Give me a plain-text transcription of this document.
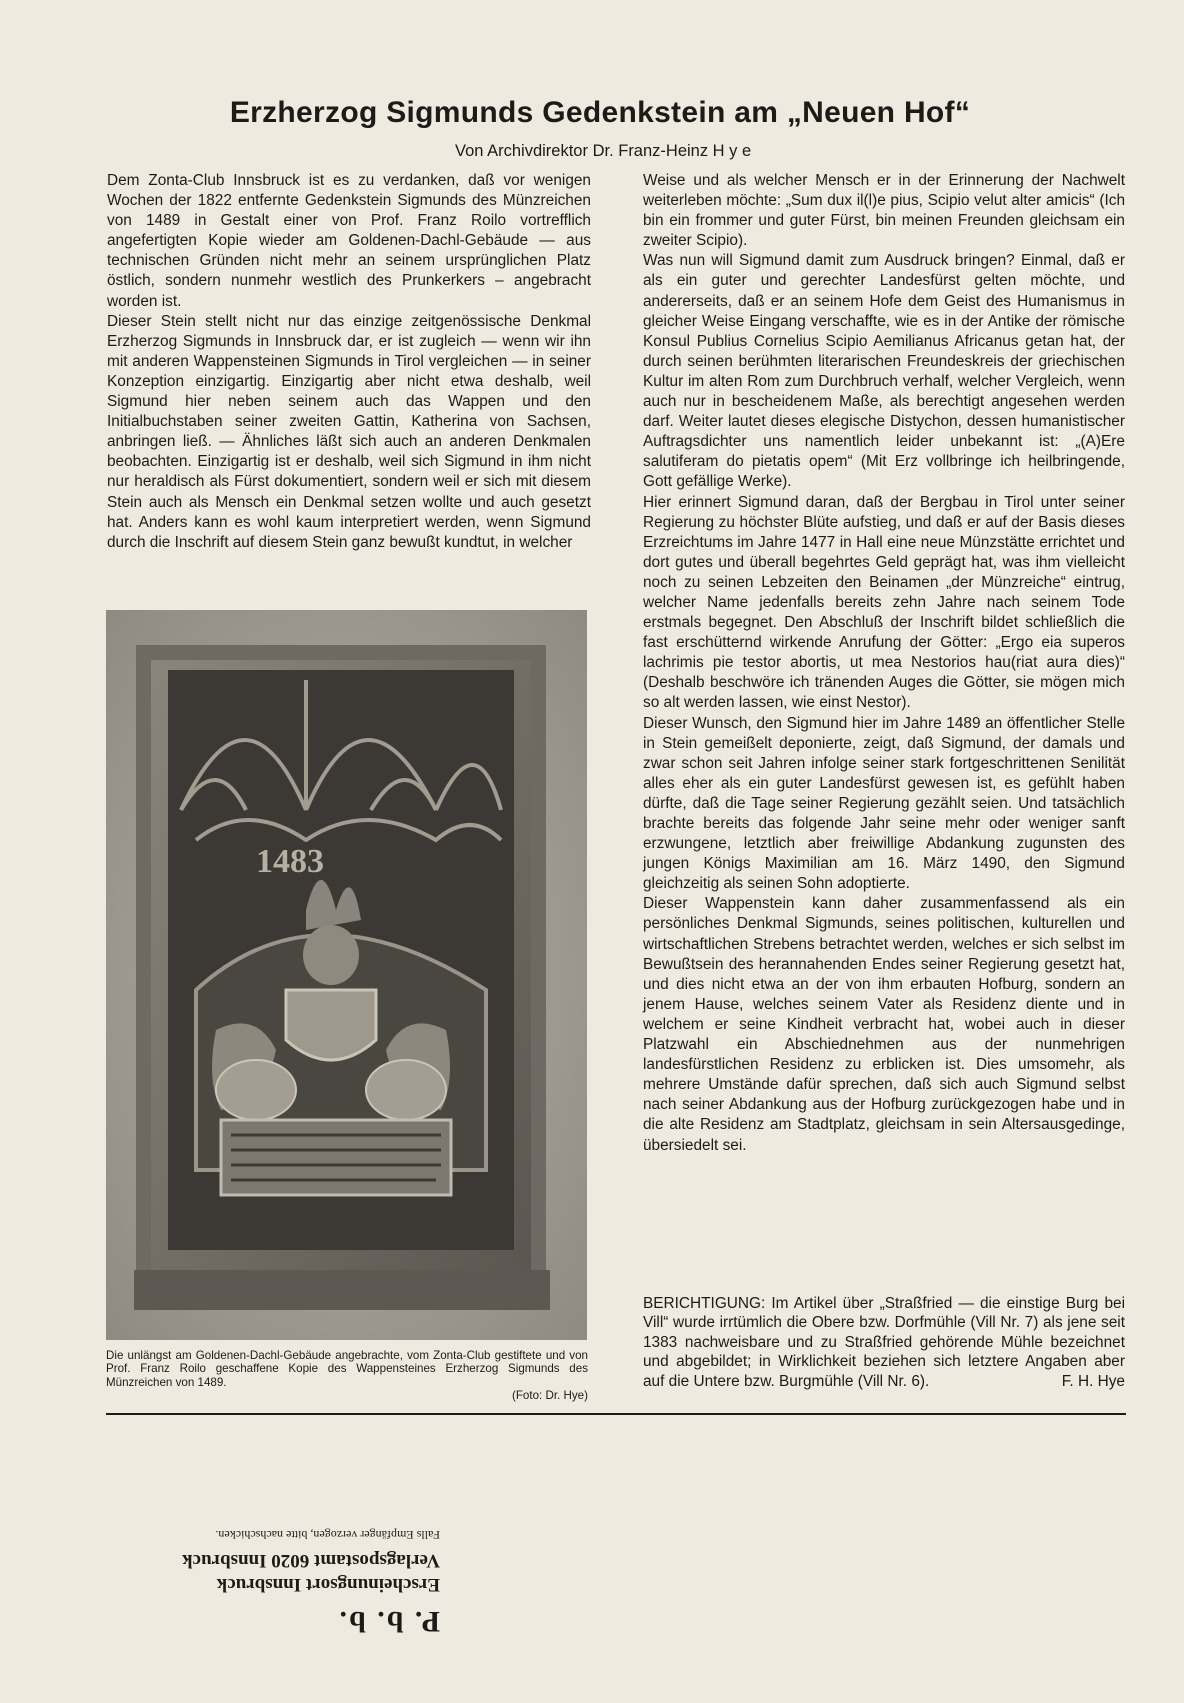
Erzherzog Sigmunds Gedenkstein am „Neuen Hof“

Von Archivdirektor Dr. Franz-Heinz H y e

Dem Zonta-Club Innsbruck ist es zu verdanken, daß vor wenigen Wochen der 1822 entfernte Gedenkstein Sigmunds des Münzreichen von 1489 in Gestalt einer von Prof. Franz Roilo vortrefflich angefertigten Kopie wieder am Goldenen-Dachl-Gebäude — aus technischen Gründen nicht mehr an seinem ursprünglichen Platz östlich, sondern nunmehr westlich des Prunkerkers – angebracht worden ist.

Dieser Stein stellt nicht nur das einzige zeitgenössische Denkmal Erzherzog Sigmunds in Innsbruck dar, er ist zugleich — wenn wir ihn mit anderen Wappensteinen Sigmunds in Tirol vergleichen — in seiner Konzeption einzigartig. Einzigartig aber nicht etwa deshalb, weil Sigmund hier neben seinem auch das Wappen und den Initialbuchstaben seiner zweiten Gattin, Katherina von Sachsen, anbringen ließ. — Ähnliches läßt sich auch an anderen Denkmalen beobachten. Einzigartig ist er deshalb, weil sich Sigmund in ihm nicht nur heraldisch als Fürst dokumentiert, sondern weil er sich mit diesem Stein auch als Mensch ein Denkmal setzen wollte und auch gesetzt hat. Anders kann es wohl kaum interpretiert werden, wenn Sigmund durch die Inschrift auf diesem Stein ganz bewußt kundtut, in welcher

1483

Die unlängst am Goldenen-Dachl-Gebäude angebrachte, vom Zonta-Club gestiftete und von Prof. Franz Roilo geschaffene Kopie des Wappensteines Erzherzog Sigmunds des Münzreichen von 1489.

(Foto: Dr. Hye)

Weise und als welcher Mensch er in der Erinnerung der Nachwelt weiterleben möchte: „Sum dux il(l)e pius, Scipio velut alter amicis“ (Ich bin ein frommer und guter Fürst, bin meinen Freunden gleichsam ein zweiter Scipio).

Was nun will Sigmund damit zum Ausdruck bringen? Einmal, daß er als ein guter und gerechter Landesfürst gelten möchte, und andererseits, daß er an seinem Hofe dem Geist des Humanismus in gleicher Weise Eingang verschaffte, wie es in der Antike der römische Konsul Publius Cornelius Scipio Aemilianus Africanus getan hat, der durch seinen berühmten literarischen Freundeskreis der griechischen Kultur im alten Rom zum Durchbruch verhalf, welcher Vergleich, wenn auch nur in bescheidenem Maße, als berechtigt angesehen werden darf. Weiter lautet dieses elegische Distychon, dessen humanistischer Auftragsdichter uns namentlich leider unbekannt ist: „(A)Ere salutiferam do pietatis opem“ (Mit Erz vollbringe ich heilbringende, Gott gefällige Werke).

Hier erinnert Sigmund daran, daß der Bergbau in Tirol unter seiner Regierung zu höchster Blüte aufstieg, und daß er auf der Basis dieses Erzreichtums im Jahre 1477 in Hall eine neue Münzstätte errichtet und dort gutes und überall begehrtes Geld geprägt hat, was ihm vielleicht noch zu seinen Lebzeiten den Beinamen „der Münzreiche“ eintrug, welcher Name jedenfalls bereits zehn Jahre nach seinem Tode erstmals begegnet. Den Abschluß der Inschrift bildet schließlich die fast erschütternd wirkende Anrufung der Götter: „Ergo eia superos lachrimis pie testor abortis, ut mea Nestorios hau(riat aura dies)“ (Deshalb beschwöre ich tränenden Auges die Götter, sie mögen mich so alt werden lassen, wie einst Nestor).

Dieser Wunsch, den Sigmund hier im Jahre 1489 an öffentlicher Stelle in Stein gemeißelt deponierte, zeigt, daß Sigmund, der damals und zwar schon seit Jahren infolge seiner stark fortgeschrittenen Senilität alles eher als ein guter Landesfürst gewesen ist, es gefühlt haben dürfte, daß die Tage seiner Regierung gezählt seien. Und tatsächlich brachte bereits das folgende Jahr seine mehr oder weniger sanft erzwungene, letztlich aber freiwillige Abdankung zugunsten des jungen Königs Maximilian am 16. März 1490, den Sigmund gleichzeitig als seinen Sohn adoptierte.

Dieser Wappenstein kann daher zusammenfassend als ein persönliches Denkmal Sigmunds, seines politischen, kulturellen und wirtschaftlichen Strebens betrachtet werden, welches er sich selbst im Bewußtsein des herannahenden Endes seiner Regierung gesetzt hat, und dies nicht etwa an der von ihm erbauten Hofburg, sondern an jenem Hause, welches seinem Vater als Residenz diente und in welchem er seine Kindheit verbracht hat, wobei auch in dieser Platzwahl ein Abschiednehmen aus der nunmehrigen landesfürstlichen Residenz zu erblicken ist. Dies umsomehr, als mehrere Umstände dafür sprechen, daß sich auch Sigmund selbst nach seiner Abdankung aus der Hofburg zurückgezogen habe und in die alte Residenz am Stadtplatz, gleichsam in sein Altersausgedinge, übersiedelt sei.

BERICHTIGUNG: Im Artikel über „Straßfried — die einstige Burg bei Vill“ wurde irrtümlich die Obere bzw. Dorfmühle (Vill Nr. 7) als jene seit 1383 nachweisbare und zu Straßfried gehörende Mühle bezeichnet und abgebildet; in Wirklichkeit beziehen sich letztere Angaben aber auf die Untere bzw. Burgmühle (Vill Nr. 6).	F. H. Hye

P. b. b.

Erscheinungsort Innsbruck

Verlagspostamt 6020 Innsbruck

Falls Empfänger verzogen, bitte nachschicken.
